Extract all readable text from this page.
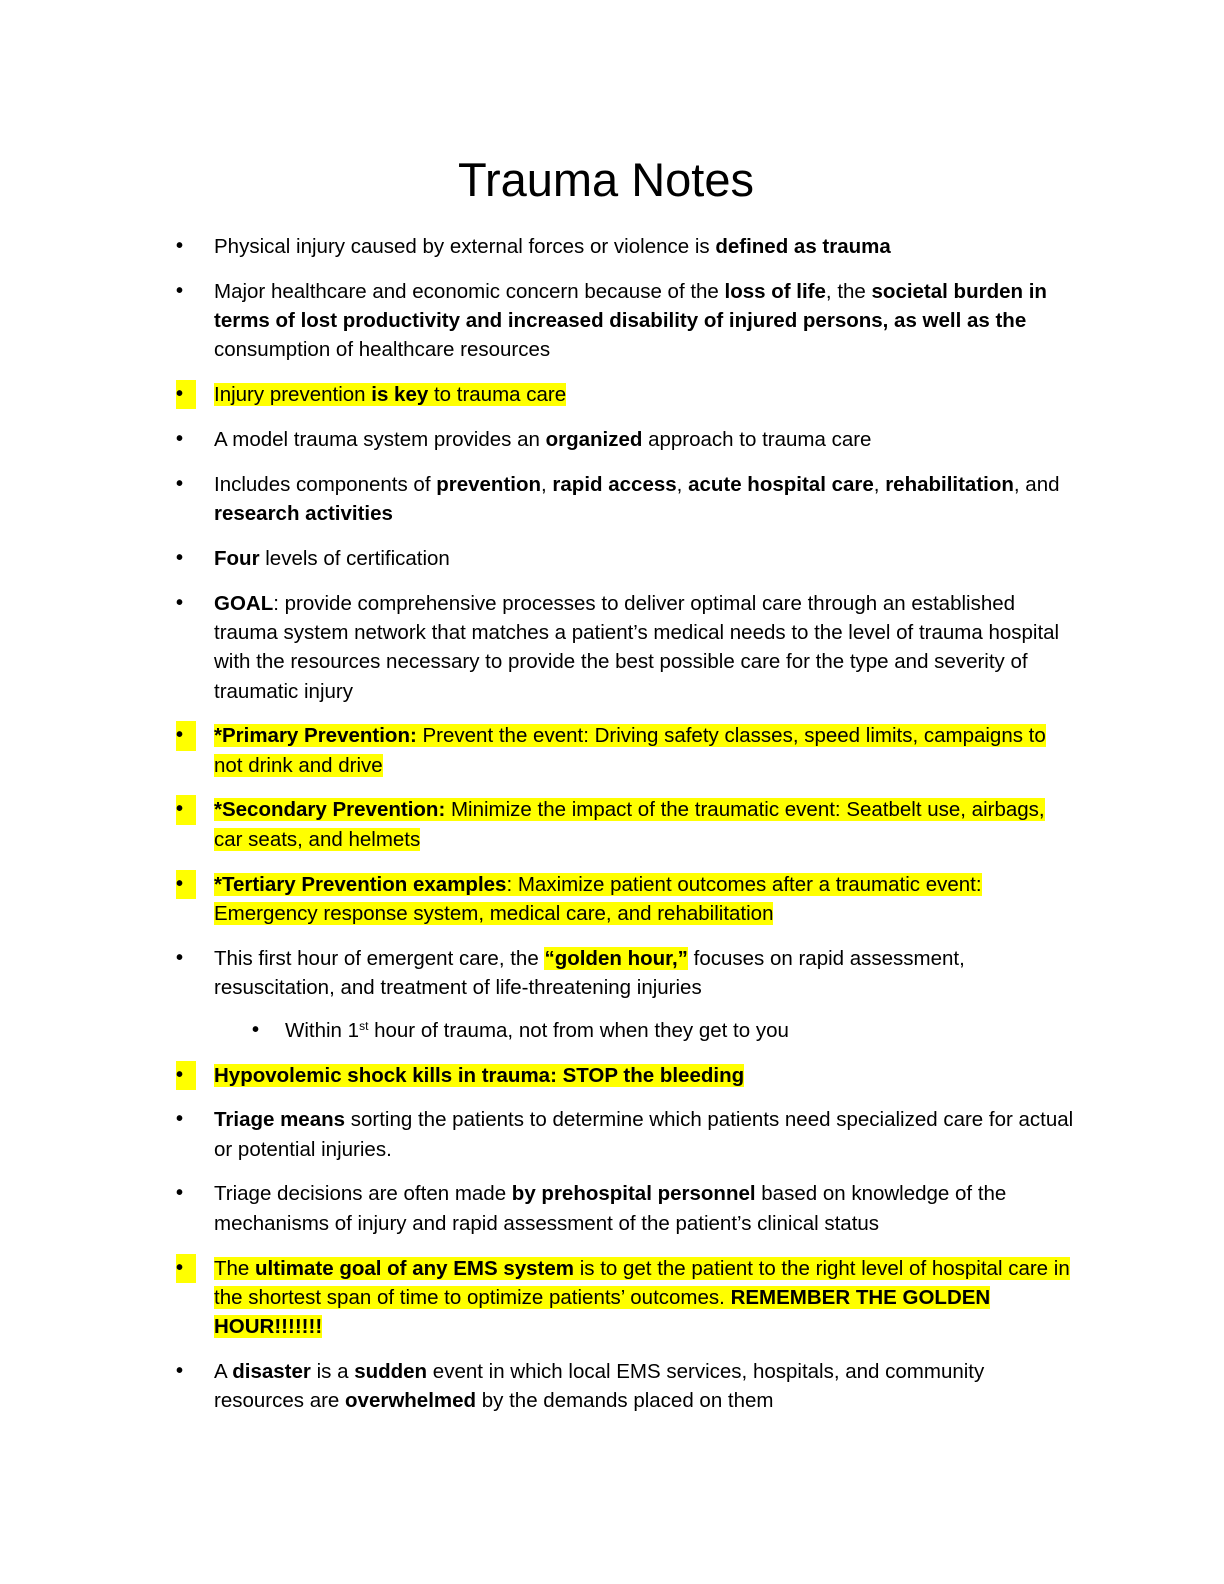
Trauma Notes
•	Physical injury caused by external forces or violence is defined as trauma
•	Major healthcare and economic concern because of the loss of life, the societal burden in terms of lost productivity and increased disability of injured persons, as well as the consumption of healthcare resources
•	Injury prevention is key to trauma care
•	A model trauma system provides an organized approach to trauma care
•	Includes components of prevention, rapid access, acute hospital care, rehabilitation, and research activities
•	Four levels of certification
•	GOAL: provide comprehensive processes to deliver optimal care through an established trauma system network that matches a patient’s medical needs to the level of trauma hospital with the resources necessary to provide the best possible care for the type and severity of traumatic injury
•	*Primary Prevention: Prevent the event: Driving safety classes, speed limits, campaigns to not drink and drive
•	*Secondary Prevention: Minimize the impact of the traumatic event: Seatbelt use, airbags, car seats, and helmets
•	*Tertiary Prevention examples: Maximize patient outcomes after a traumatic event: Emergency response system, medical care, and rehabilitation
•	This first hour of emergent care, the “golden hour,” focuses on rapid assessment, resuscitation, and treatment of life-threatening injuries
•	Within 1st hour of trauma, not from when they get to you
•	Hypovolemic shock kills in trauma: STOP the bleeding
•	Triage means sorting the patients to determine which patients need specialized care for actual or potential injuries.
•	Triage decisions are often made by prehospital personnel based on knowledge of the mechanisms of injury and rapid assessment of the patient’s clinical status
•	The ultimate goal of any EMS system is to get the patient to the right level of hospital care in the shortest span of time to optimize patients’ outcomes. REMEMBER THE GOLDEN HOUR!!!!!!!
•	A disaster is a sudden event in which local EMS services, hospitals, and community resources are overwhelmed by the demands placed on them
